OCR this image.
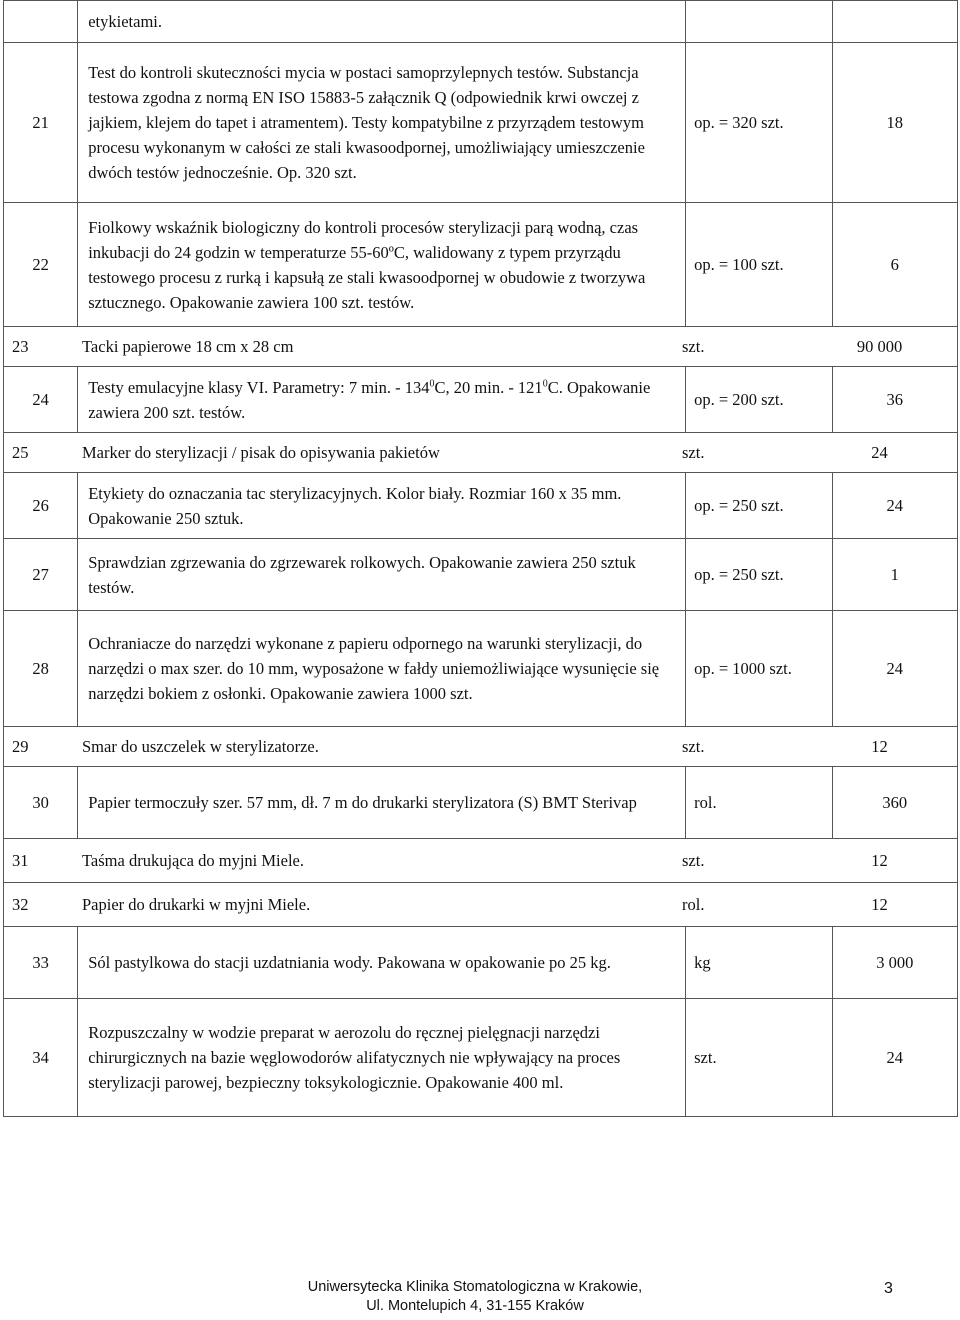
	etykietami.		
21	Test do kontroli skuteczności mycia w postaci samoprzylepnych testów. Substancja testowa zgodna z normą EN ISO 15883-5 załącznik Q (odpowiednik krwi owczej z jajkiem, klejem do tapet i atramentem). Testy kompatybilne z przyrządem testowym procesu wykonanym w całości ze stali kwasoodpornej, umożliwiający umieszczenie dwóch testów jednocześnie. Op. 320 szt.	op. = 320 szt.	18
22	Fiolkowy wskaźnik biologiczny do kontroli procesów sterylizacji parą wodną, czas inkubacji do 24 godzin w temperaturze 55-60ºC, walidowany z typem przyrządu testowego procesu z rurką i kapsułą ze stali kwasoodpornej w obudowie z tworzywa sztucznego. Opakowanie zawiera 100 szt. testów.	op. = 100 szt.	6

23 Tacki papierowe 18 cm x 28 cm szt. 90 000			

24	Testy emulacyjne klasy VI. Parametry: 7 min. - $134^0C$, 20 min. - $121^0C$. Opakowanie zawiera 200 szt. testów.	op. = 200 szt.	36

25 Marker do sterylizacji / pisak do opisywania pakietów szt. 24			

26	Etykiety do oznaczania tac sterylizacyjnych. Kolor biały. Rozmiar 160 x 35 mm. Opakowanie 250 sztuk.	op. = 250 szt.	24
27	Sprawdzian zgrzewania do zgrzewarek rolkowych. Opakowanie zawiera 250 sztuk testów.	op. = 250 szt.	1
28	Ochraniacze do narzędzi wykonane z papieru odpornego na warunki sterylizacji, do narzędzi o max szer. do 10 mm, wyposażone w fałdy uniemożliwiające wysunięcie się narzędzi bokiem z osłonki. Opakowanie zawiera 1000 szt.	op. = 1000 szt.	24

29 Smar do uszczelek w sterylizatorze. szt. 12			

30	Papier termoczuły szer. 57 mm, dł. 7 m do drukarki sterylizatora (S) BMT Sterivap	rol.	360

31 Taśma drukująca do myjni Miele. szt. 12			

32 Papier do drukarki w myjni Miele. rol. 12			

33	Sól pastylkowa do stacji uzdatniania wody. Pakowana w opakowanie po 25 kg.	kg	3 000
34	Rozpuszczalny w wodzie preparat w aerozolu do ręcznej pielęgnacji narzędzi chirurgicznych na bazie węglowodorów alifatycznych nie wpływający na proces sterylizacji parowej, bezpieczny toksykologicznie. Opakowanie 400 ml.	szt.	24
Uniwersytecka Klinika Stomatologiczna w Krakowie,
Ul. Montelupich 4, 31-155 Kraków
3
